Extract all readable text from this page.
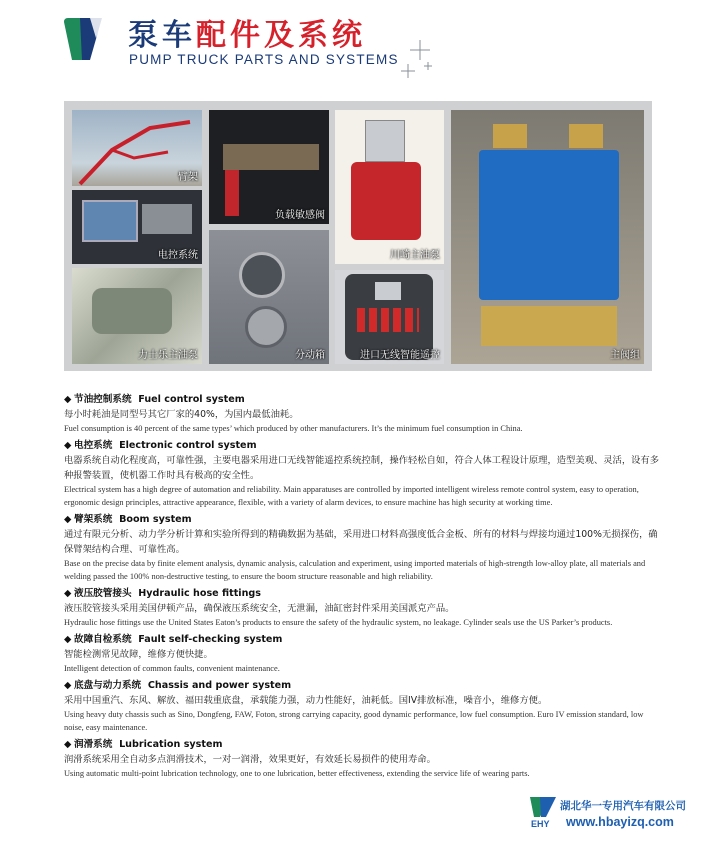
泵车配件及系统
PUMP TRUCK PARTS AND SYSTEMS
臂架
电控系统
力士乐主油泵
负载敏感阀
分动箱
川崎主油泵
进口无线智能遥控	主阀组
◆ 节油控制系统 Fuel control system
每小时耗油是同型号其它厂家的40%，为国内最低油耗。
Fuel consumption is 40 percent of the same types’ which produced by other manufacturers. It’s the minimum fuel consumption in China.
◆ 电控系统 Electronic control system
电器系统自动化程度高，可靠性强，主要电器采用进口无线智能遥控系统控制，操作轻松自如，符合人体工程设计原理，造型美观、灵活，设有多种报警装置，使机器工作时具有极高的安全性。
Electrical system has a high degree of automation and reliability. Main apparatuses are controlled by imported intelligent wireless remote control system, easy to operation, ergonomic design principles, attractive appearance, flexible, with a variety of alarm devices, to ensure machine has high security at working time.
◆ 臂架系统 Boom system
通过有限元分析、动力学分析计算和实验所得到的精确数据为基础，采用进口材料高强度低合金板、所有的材料与焊接均通过100%无损探伤，确保臂架结构合理、可靠性高。
Base on the precise data by finite element analysis, dynamic analysis, calculation and experiment, using imported materials of high-strength low-alloy plate, all materials and welding passed the 100% non-destructive testing, to ensure the boom structure reasonable and high reliability.
◆ 液压胶管接头 Hydraulic hose fittings
液压胶管接头采用美国伊顿产品，确保液压系统安全，无泄漏，油缸密封件采用美国派克产品。
Hydraulic hose fittings use the United States Eaton’s products to ensure the safety of the hydraulic system, no leakage. Cylinder seals use the US Parker’s products.
◆ 故障自检系统 Fault self-checking system
智能检测常见故障，维修方便快捷。
Intelligent detection of common faults, convenient maintenance.
◆ 底盘与动力系统 Chassis and power system
采用中国重汽、东风、解放、福田载重底盘，承载能力强，动力性能好，油耗低。国IV排放标准，噪音小，维修方便。
Using heavy duty chassis such as Sino, Dongfeng, FAW, Foton, strong carrying capacity, good dynamic performance, low fuel consumption. Euro IV emission standard, low noise, easy maintenance.
◆ 润滑系统 Lubrication system
润滑系统采用全自动多点润滑技术，一对一润滑，效果更好，有效延长易损件的使用寿命。
Using automatic multi-point lubrication technology, one to one lubrication, better effectiveness, extending the service life of wearing parts.
EHY
湖北华一专用汽车有限公司
www.hbayizq.com
